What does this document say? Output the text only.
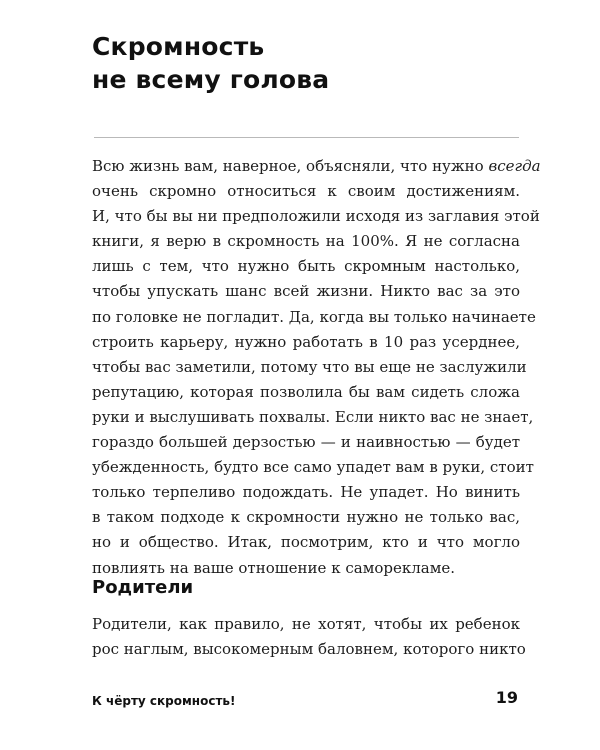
Скромность
не всему голова
Всю жизнь вам, наверное, объясняли, что нужно всегда
очень скромно относиться к своим достижениям.
И, что бы вы ни предположили исходя из заглавия этой
книги, я верю в скромность на 100%. Я не согласна
лишь с тем, что нужно быть скромным настолько,
чтобы упускать шанс всей жизни. Никто вас за это
по головке не погладит. Да, когда вы только начинаете
строить карьеру, нужно работать в 10 раз усерднее,
чтобы вас заметили, потому что вы еще не заслужили
репутацию, которая позволила бы вам сидеть сложа
руки и выслушивать похвалы. Если никто вас не знает,
гораздо большей дерзостью — и наивностью — будет
убежденность, будто все само упадет вам в руки, стоит
только терпеливо подождать. Не упадет. Но винить
в таком подходе к скромности нужно не только вас,
но и общество. Итак, посмотрим, кто и что могло
повлиять на ваше отношение к саморекламе.
Родители
Родители, как правило, не хотят, чтобы их ребенок
рос наглым, высокомерным баловнем, которого никто
К чёрту скромность!	19
